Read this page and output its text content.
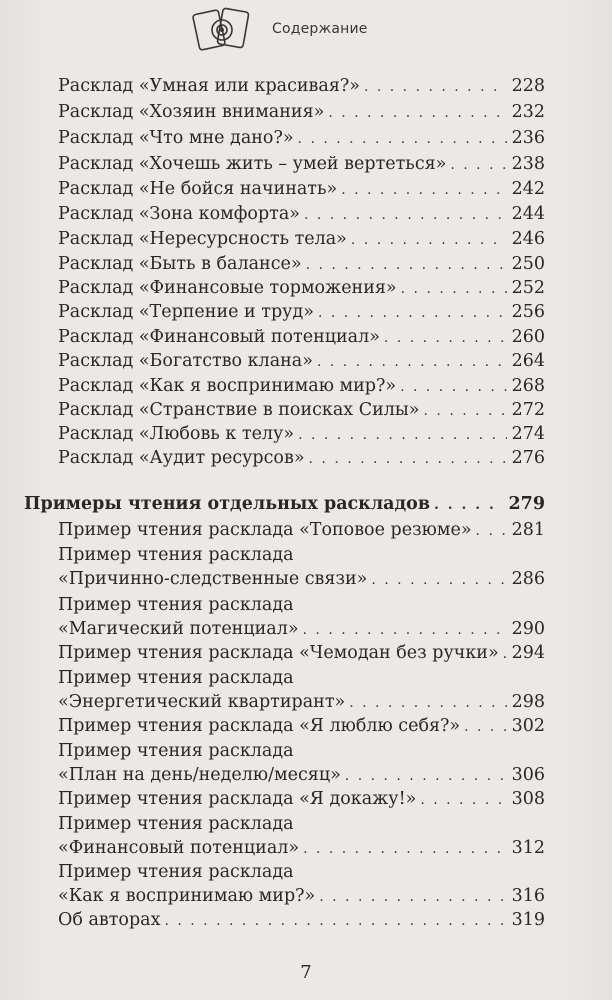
Содержание
Расклад «Умная или красивая?» . . .	228
Расклад «Хозяин внимания» . . .	232
Расклад «Что мне дано?» . . .	236
Расклад «Хочешь жить – умей вертеться» . . .	238
Расклад «Не бойся начинать» . . .	242
Расклад «Зона комфорта» . . .	244
Расклад «Нересурсность тела» . . .	246
Расклад «Быть в балансе» . . .	250
Расклад «Финансовые торможения» . . .	252
Расклад «Терпение и труд» . . .	256
Расклад «Финансовый потенциал» . . .	260
Расклад «Богатство клана» . . .	264
Расклад «Как я воспринимаю мир?» . . .	268
Расклад «Странствие в поисках Силы» . . .	272
Расклад «Любовь к телу» . . .	274
Расклад «Аудит ресурсов» . . .	276
Примеры чтения отдельных раскладов . . .	279
Пример чтения расклада «Топовое резюме» . . . 281
Пример чтения расклада
«Причинно-следственные связи» . . .	286
Пример чтения расклада
«Магический потенциал» . . .	290
Пример чтения расклада «Чемодан без ручки» . . . 294
Пример чтения расклада
«Энергетический квартирант» . . .	298
Пример чтения расклада «Я люблю себя?» . . .	302
Пример чтения расклада
«План на день/неделю/месяц» . . .	306
Пример чтения расклада «Я докажу!» . . .	308
Пример чтения расклада
«Финансовый потенциал» . . .	312
Пример чтения расклада
«Как я воспринимаю мир?» . . .	316
Об авторах . . .	319
7
